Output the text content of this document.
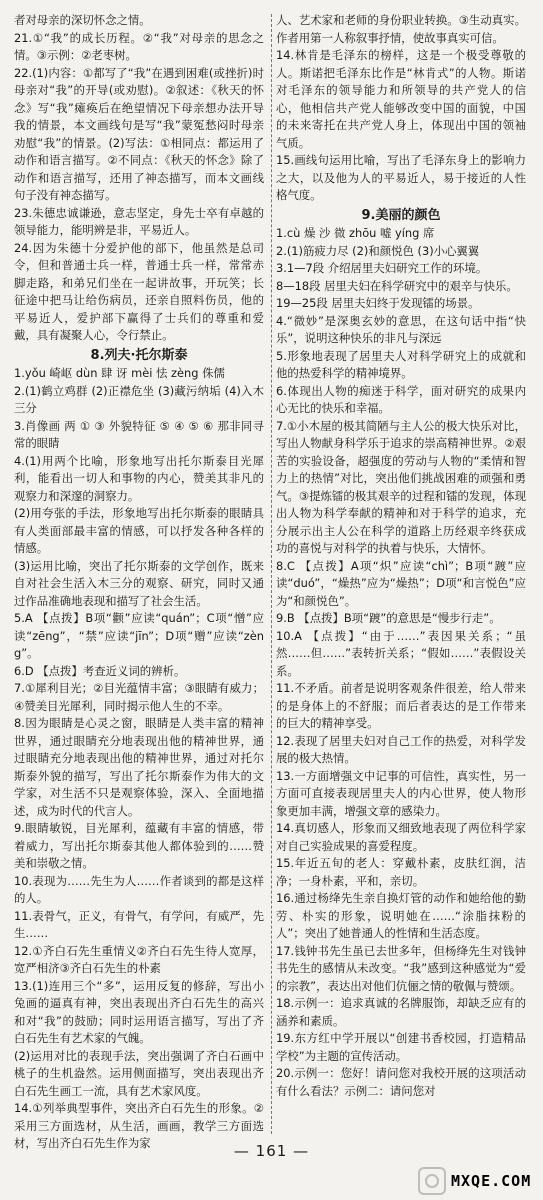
者对母亲的深切怀念之情。
21.①“我”的成长历程。②“我”对母亲的思念之情。③示例：②老枣树。
22.(1)内容：①都写了“我”在遇到困难(或挫折)时母亲对“我”的开导(或劝慰)。②叙述：《秋天的怀念》写“我”瘫痪后在绝望情况下母亲想办法开导我的情景，本文画线句是写“我”蒙冤愁闷时母亲劝慰“我”的情景。(2)写法：①相同点：都运用了动作和语言描写。②不同点：《秋天的怀念》除了动作和语言描写，还用了神态描写，而本文画线句子没有神态描写。
23.朱德忠诚谦逊，意志坚定，身先士卒有卓越的领导能力，能明辨是非，平易近人。
24.因为朱德十分爱护他的部下，他虽然是总司令，但和普通士兵一样，普通士兵一样，常常赤脚走路，和弟兄们坐在一起讲故事，开玩笑；长征途中把马让给伤病员，还亲自照料伤员，他的平易近人，爱护部下赢得了士兵们的尊重和爱戴，具有凝聚人心，令行禁止。
8.列夫·托尔斯泰
1.yǒu 崎岖 dùn 肆 讶 mèi 怯 zèng 侏儒
2.(1)鹤立鸡群 (2)正襟危坐 (3)藏污纳垢 (4)入木三分
3.肖像画 两 ① ③ 外貌特征 ⑤ ④ ⑤ ⑥ 那非同寻常的眼睛
4.(1)用两个比喻，形象地写出托尔斯泰目光犀利，能看出一切人和事物的内心，赞美其非凡的观察力和深邃的洞察力。
(2)用夸张的手法，形象地写出托尔斯泰的眼睛具有人类面部最丰富的情感，可以抒发各种各样的情感。
(3)运用比喻，突出了托尔斯泰的文学创作，既来自对社会生活入木三分的观察、研究，同时又通过作品准确地表现和描写了社会生活。
5.A 【点拨】B项“颧”应读“quán”；C项“憎”应读“zēng”，“禁”应读“jīn”；D项“赠”应读“zèng”。
6.D 【点拨】考查近义词的辨析。
7.①犀利目光；②目光蕴情丰富；③眼睛有威力；④赞美目光犀利，同时揭示他人生的不幸。
8.因为眼睛是心灵之窗，眼睛是人类丰富的精神世界，通过眼睛充分地表现出他的精神世界，通过眼睛充分地表现出他的精神世界，通过对托尔斯泰外貌的描写，写出了托尔斯泰作为伟大的文学家，对生活不只是观察体验，深入、全面地描述，成为时代的代言人。
9.眼睛敏锐，目光犀利，蕴藏有丰富的情感，带着威力，写出托尔斯泰其他人都体验到的……赞美和崇敬之情。
10.表现为……先生为人……作者谈到的都是这样的人。
11.表骨气，正义，有骨气，有学问，有威严，先生……
12.①齐白石先生重情义②齐白石先生待人宽厚，宽严相济③齐白石先生的朴素
13.(1)连用三个“多”，运用反复的修辞，写出小兔画的逼真有神，突出表现出齐白石先生的高兴和对“我”的鼓励；同时运用语言描写，写出了齐白石先生有艺术家的气魄。
(2)运用对比的表现手法，突出强调了齐白石画中桃子的生机盎然。运用侧面描写，突出表现出齐白石先生画工一流，具有艺术家风度。
14.①列举典型事件，突出齐白石先生的形象。②采用三方面选材，从生活，画画，教学三方面选材，写出齐白石先生作为家
人、艺术家和老师的身份职业转换。③生动真实。作者用第一人称叙事抒情，使故事真实可信。
14.林肯是毛泽东的榜样，这是一个极受尊敬的人。斯诺把毛泽东比作是“林肯式”的人物。斯诺对毛泽东的领导能力和所领导的共产党人的信心，他相信共产党人能够改变中国的面貌，中国的未来寄托在共产党人身上，体现出中国的领袖气质。
15.画线句运用比喻，写出了毛泽东身上的影响力之大，以及他为人的平易近人，易于接近的人性格气度。
9.美丽的颜色
1.cù 燥 沙 微 zhōu 嘘 yíng 席
2.(1)筋疲力尽 (2)和颜悦色 (3)小心翼翼
3.1—7段 介绍居里夫妇研究工作的环境。
8—18段 居里夫妇在科学研究中的艰辛与快乐。
19—25段 居里夫妇终于发现镭的场景。
4.“微妙”是深奥玄妙的意思，在这句话中指“快乐”，说明这种快乐的非凡与深远
5.形象地表现了居里夫人对科学研究上的成就和他的热爱科学的精神境界。
6.体现出人物的痴迷于科学，面对研究的成果内心无比的快乐和幸福。
7.①小木屋的极其简陋与主人公的极大快乐对比，写出人物献身科学乐于追求的崇高精神世界。②艰苦的实验设备，超强度的劳动与人物的“柔情和智力上的热情”对比，突出他们挑战困难的顽强和勇气。③提炼镭的极其艰辛的过程和镭的发现，体现出人物为科学奉献的精神和对于科学的追求，充分展示出主人公在科学的道路上历经艰辛终获成功的喜悦与对科学的执着与快乐，大情怀。
8.C 【点拨】A项“炽”应读“chì”；B项“踱”应读“duó”，“燥热”应为“燥热”；D项“和言悦色”应为“和颜悦色”。
9.B 【点拨】B项“踱”的意思是“慢步行走”。
10.A 【点拨】“由于……”表因果关系；“虽然……但……”表转折关系；“假如……”表假设关系。
11.不矛盾。前者是说明客观条件很差，给人带来的是身体上的不舒服；而后者表达的是工作带来的巨大的精神享受。
12.表现了居里夫妇对自己工作的热爱，对科学发展的极大热情。
13.一方面增强文中记事的可信性，真实性，另一方面可直接表现居里夫人的内心世界，使人物形象更加丰满，增强文章的感染力。
14.真切感人，形象而又细致地表现了两位科学家对自己实验成果的喜爱程度。
15.年近五旬的老人：穿戴朴素，皮肤红润，洁净；一身朴素，平和，亲切。
16.通过杨绛先生亲自换灯管的动作和她给他的勤劳、朴实的形象，说明她在……“涂脂抹粉的人”；突出了她普通人的性情和生活态度。
17.钱钟书先生虽已去世多年，但杨绛先生对钱钟书先生的感情从未改变。“我”感到这种感觉为“爱的宗教”，表达出对他们伉俪之情的敬佩与赞颂。
18.示例一：追求真诚的名牌服饰，却缺乏应有的涵养和素质。
19.东方红中学开展以“创建书香校园，打造精品学校”为主题的宣传活动。
20.示例一：您好！请问您对我校开展的这项活动有什么看法？示例二：请问您对
— 161 —
MXQE.COM
